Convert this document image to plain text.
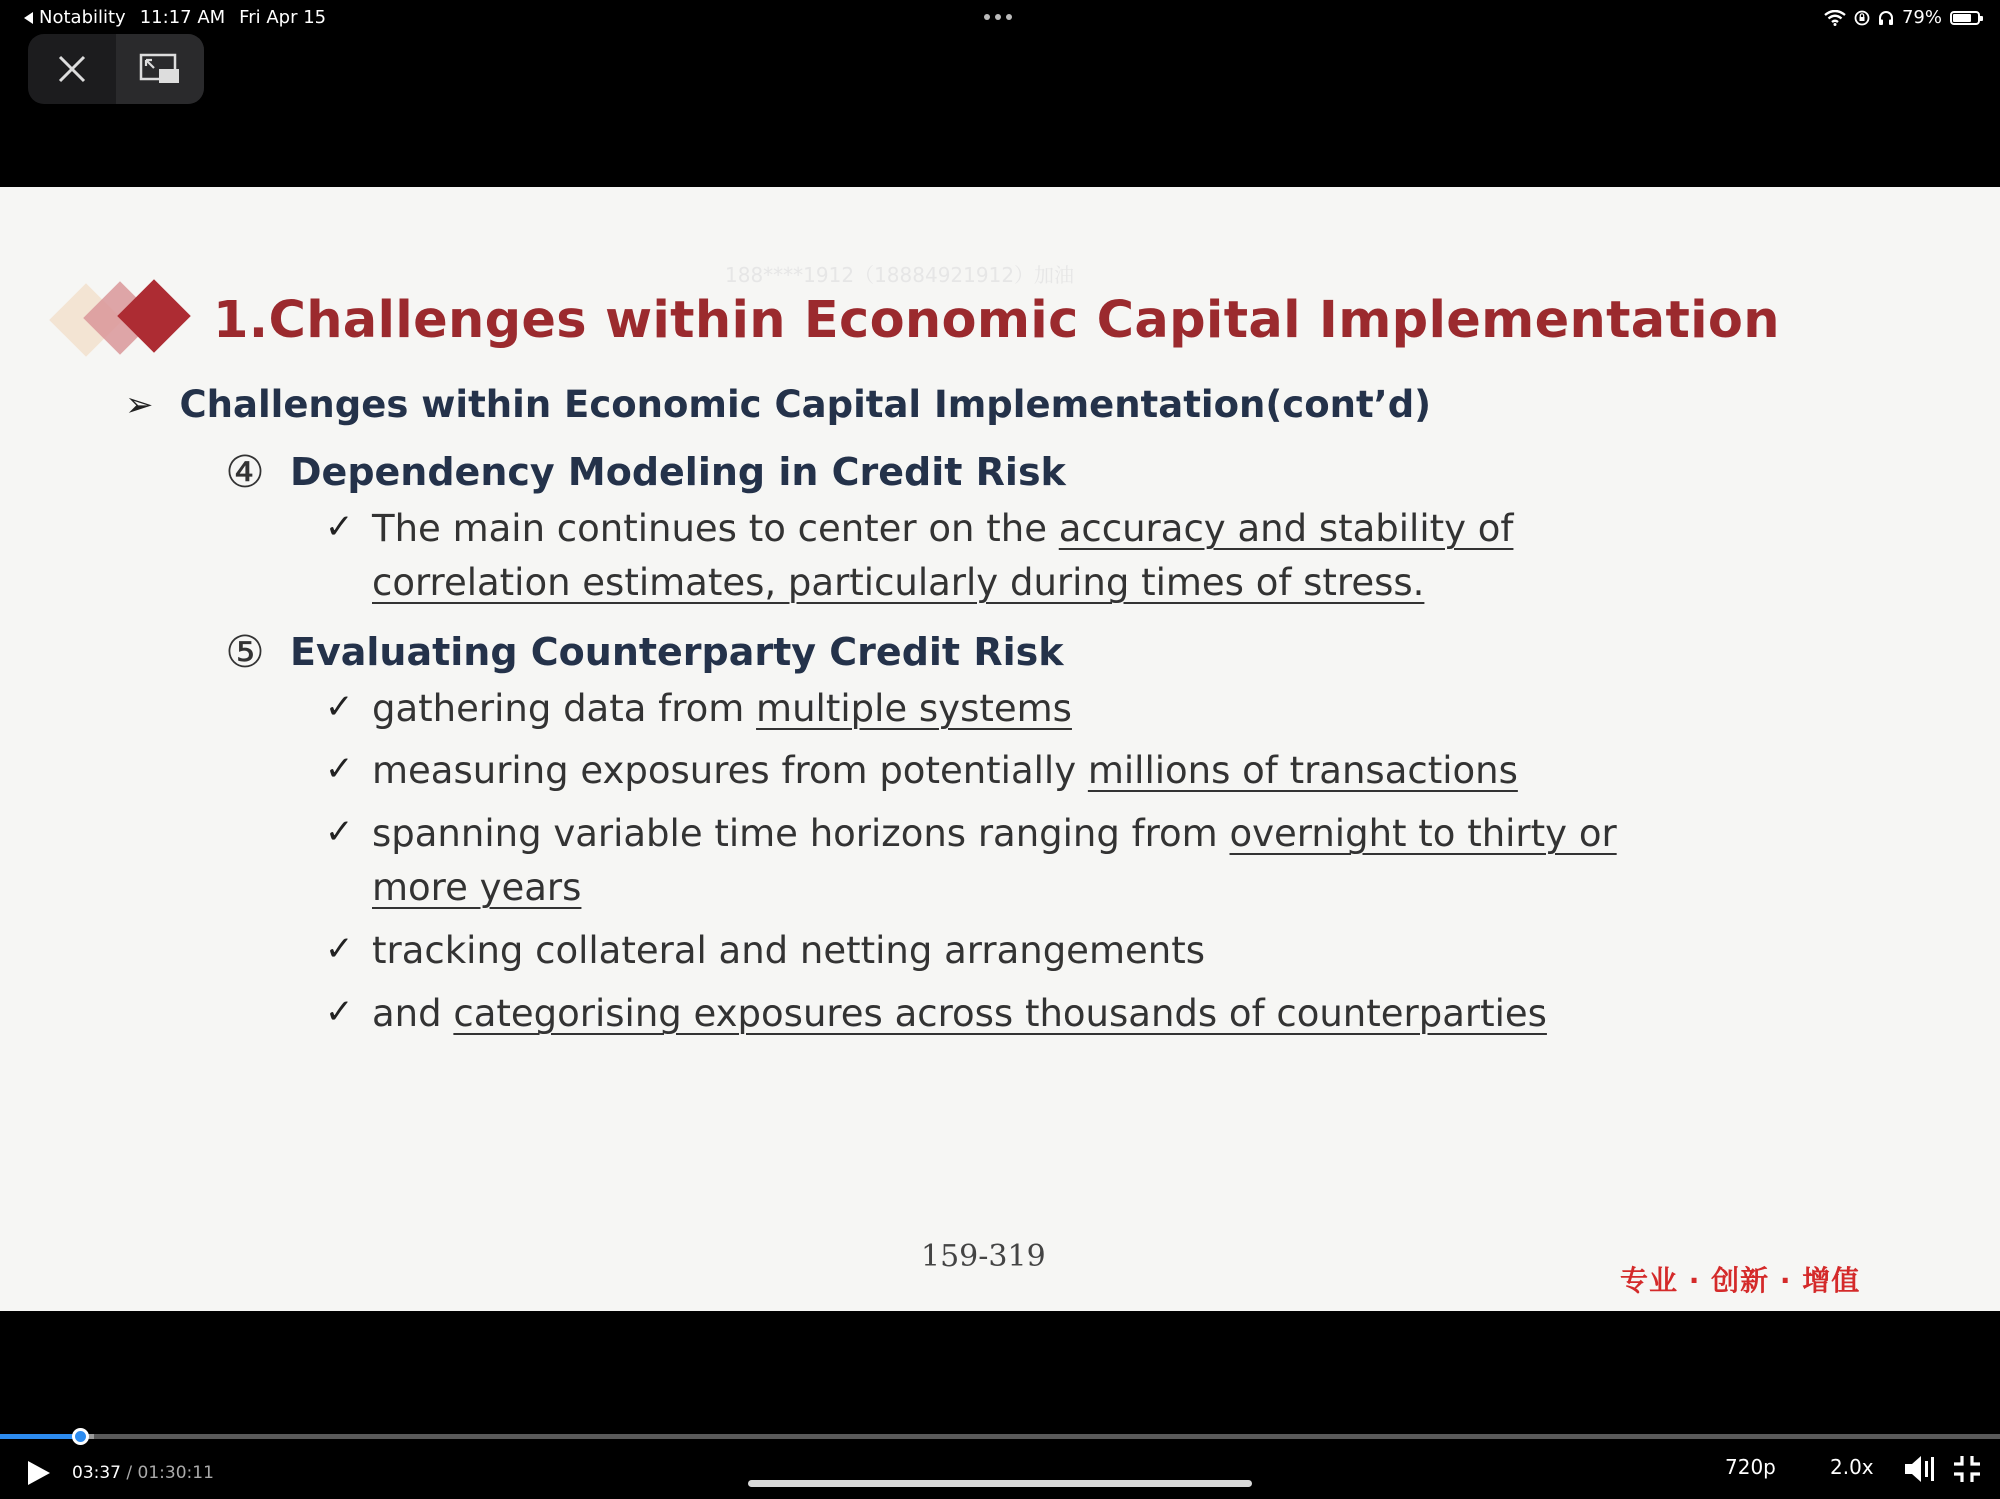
Notability 11:17 AM Fri Apr 15	79%
188****1912（18884921912）加油
1.Challenges within Economic Capital Implementation
➢ Challenges within Economic Capital Implementation(cont’d)
④ Dependency Modeling in Credit Risk
✓ The main continues to center on the accuracy and stability of
correlation estimates, particularly during times of stress.
⑤ Evaluating Counterparty Credit Risk
✓ gathering data from multiple systems
✓ measuring exposures from potentially millions of transactions
✓ spanning variable time horizons ranging from overnight to thirty or
more years
✓ tracking collateral and netting arrangements
✓ and categorising exposures across thousands of counterparties
159-319
专业 · 创新 · 增值
03:37 / 01:30:11	720p	2.0x
